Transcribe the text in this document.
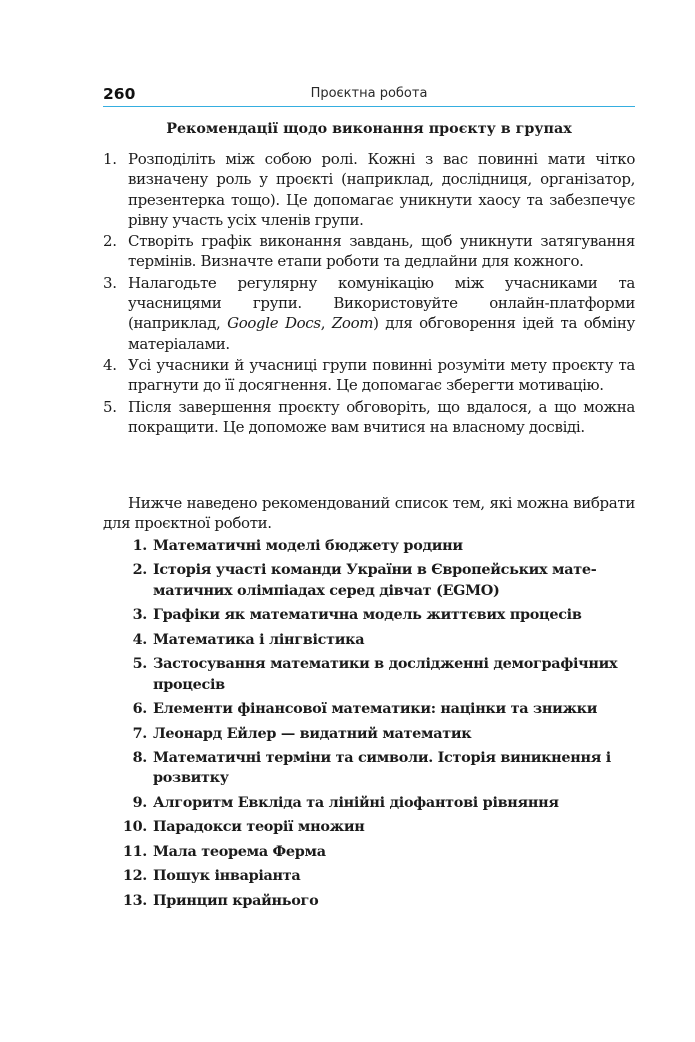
260	Проєктна робота
Рекомендації щодо виконання проєкту в групах
1. Розподіліть між собою ролі. Кожні з вас повинні мати чітко визначену роль у проєкті (наприклад, дослідниця, організатор, презентерка тощо). Це допомагає уникнути хаосу та забезпечує рівну участь усіх членів групи.
2. Створіть графік виконання завдань, щоб уникнути затягування термінів. Визначте етапи роботи та дедлайни для кожного.
3. Налагодьте регулярну комунікацію між учасниками та учасницями групи. Використовуйте онлайн-платформи (наприклад, Google Docs, Zoom) для обговорення ідей та обміну матеріалами.
4. Усі учасники й учасниці групи повинні розуміти мету проєкту та прагнути до її досягнення. Це допомагає зберегти мотивацію.
5. Після завершення проєкту обговоріть, що вдалося, а що можна покращити. Це допоможе вам вчитися на власному досвіді.

Нижче наведено рекомендований список тем, які можна вибрати для проєктної роботи.

1. Математичні моделі бюджету родини
2. Історія участі команди України в Європейських математичних олімпіадах серед дівчат (EGMO)
3. Графіки як математична модель життєвих процесів
4. Математика і лінгвістика
5. Застосування математики в дослідженні демографічних процесів
6. Елементи фінансової математики: націнки та знижки
7. Леонард Ейлер — видатний математик
8. Математичні терміни та символи. Історія виникнення і розвитку
9. Алгоритм Евкліда та лінійні діофантові рівняння
10. Парадокси теорії множин
11. Мала теорема Ферма
12. Пошук інваріанта
13. Принцип крайнього
